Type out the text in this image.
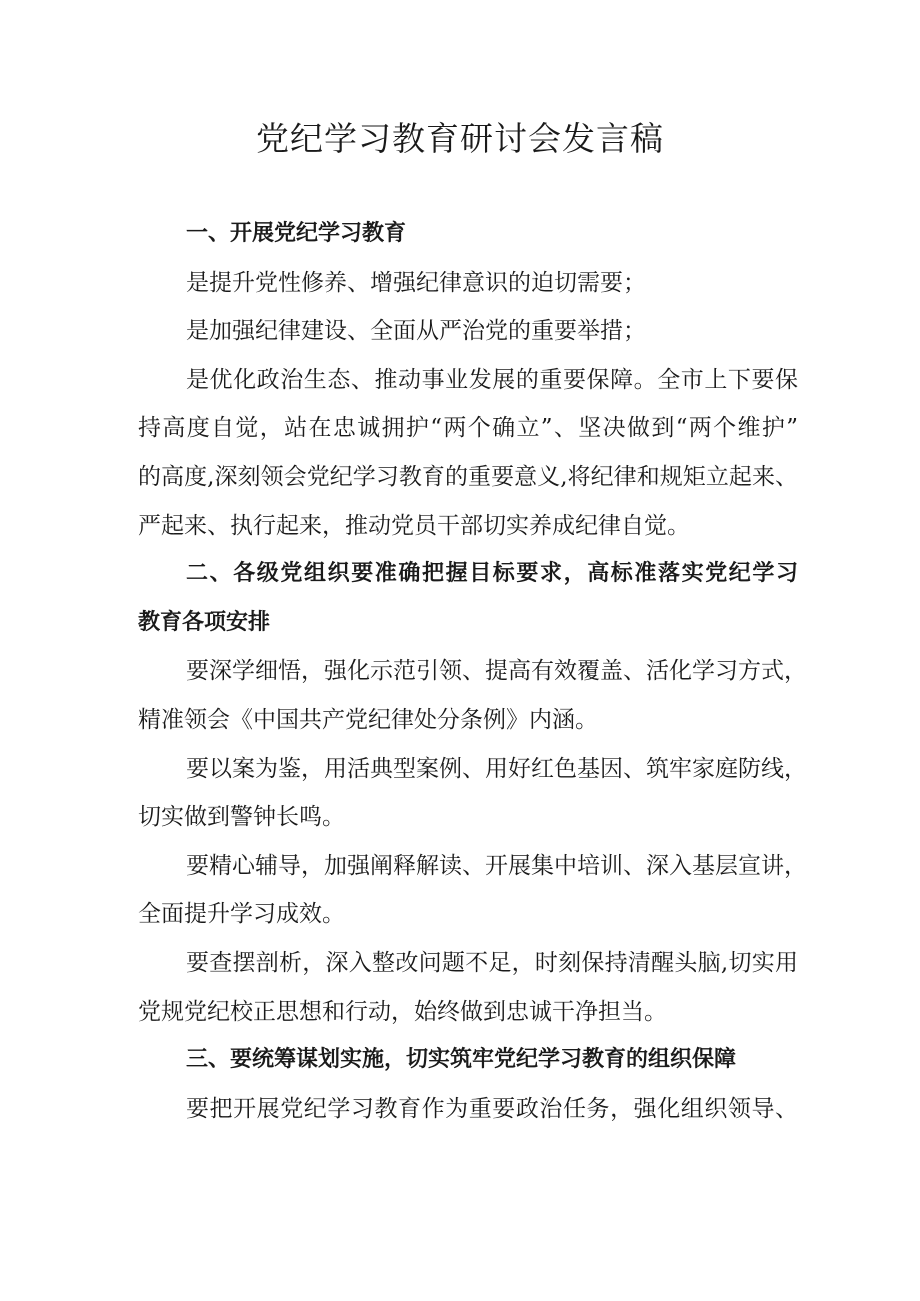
党纪学习教育研讨会发言稿

一、开展党纪学习教育

是提升党性修养、增强纪律意识的迫切需要；

是加强纪律建设、全面从严治党的重要举措；

是优化政治生态、推动事业发展的重要保障。全市上下要保

持高度自觉，站在忠诚拥护“两个确立”、坚决做到“两个维护”

的高度,深刻领会党纪学习教育的重要意义,将纪律和规矩立起来、

严起来、执行起来，推动党员干部切实养成纪律自觉。

二、各级党组织要准确把握目标要求，高标准落实党纪学习

教育各项安排

要深学细悟，强化示范引领、提高有效覆盖、活化学习方式，

精准领会《中国共产党纪律处分条例》内涵。

要以案为鉴，用活典型案例、用好红色基因、筑牢家庭防线，

切实做到警钟长鸣。

要精心辅导，加强阐释解读、开展集中培训、深入基层宣讲，

全面提升学习成效。

要查摆剖析，深入整改问题不足，时刻保持清醒头脑,切实用

党规党纪校正思想和行动，始终做到忠诚干净担当。

三、要统筹谋划实施，切实筑牢党纪学习教育的组织保障

要把开展党纪学习教育作为重要政治任务，强化组织领导、
